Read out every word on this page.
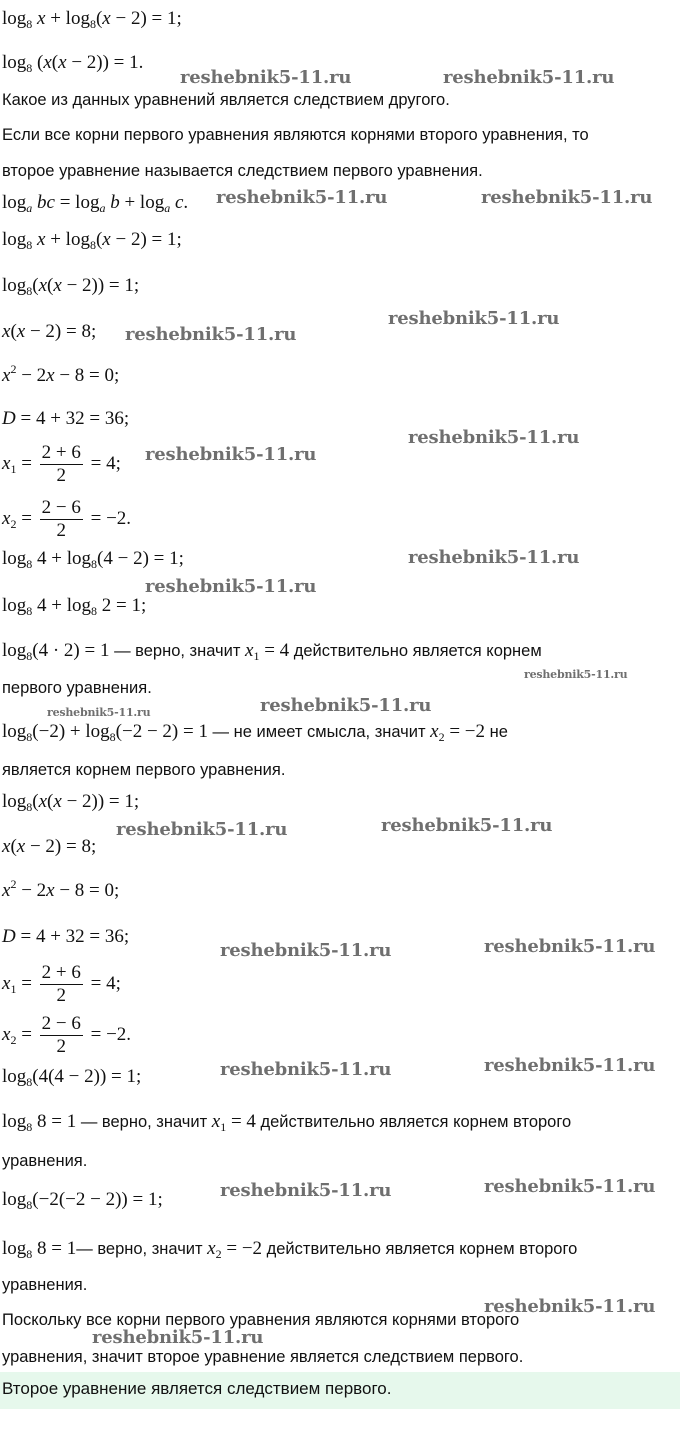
$\log_8 x + \log_8(x - 2) = 1$;
$\log_8 (x(x - 2)) = 1$.
Какое из данных уравнений является следствием другого.
Если все корни первого уравнения являются корнями второго уравнения, то
второе уравнение называется следствием первого уравнения.
$\log_a$ bc = $\log_a b + \log_a c$.
$\log_8 x + \log_8(x - 2) = 1$;
$\log_8(x(x - 2)) = 1$;
x(x − 2) = 8;
$x^2 - 2x - 8 = 0$;
D = 4 + 32 = 36;
$x_1 = \frac{2 + 6}{2} = 4$;
$x_2 = \frac{2 - 6}{2} = -2$.
$\log_8 4 + \log_8(4 - 2) = 1$;
$\log_8 4 + \log_8 2 = 1$;
$\log_8(4 \cdot 2) = 1$ — верно, значит $x_1 = 4$ действительно является корнем
первого уравнения.
$\log_8(-2) + \log_8(-2 - 2) = 1$ — не имеет смысла, значит $x_2 = -2$ не
является корнем первого уравнения.
$\log_8(x(x - 2)) = 1$;
x(x − 2) = 8;
$x^2 - 2x - 8 = 0$;
D = 4 + 32 = 36;
$x_1 = \frac{2 + 6}{2} = 4$;
$x_2 = \frac{2 - 6}{2} = -2$.
$\log_8(4(4 - 2)) = 1$;
$\log_8 8 = 1$ — верно, значит $x_1 = 4$ действительно является корнем второго
уравнения.
$\log_8(-2(-2 - 2)) = 1$;
$\log_8 8$ = 1— верно, значит $x_2 = -2$ действительно является корнем второго
уравнения.
Поскольку все корни первого уравнения являются корнями второго
уравнения, значит второе уравнение является следствием первого.
Второе уравнение является следствием первого.
reshebnik5-11.ru	reshebnik5-11.ru
reshebnik5-11.ru	reshebnik5-11.ru
reshebnik5-11.ru
reshebnik5-11.ru
reshebnik5-11.ru
reshebnik5-11.ru
reshebnik5-11.ru
reshebnik5-11.ru
reshebnik5-11.ru
reshebnik5-11.ru
reshebnik5-11.ru
reshebnik5-11.ru
reshebnik5-11.ru
reshebnik5-11.ru
reshebnik5-11.ru
reshebnik5-11.ru
reshebnik5-11.ru
reshebnik5-11.ru
reshebnik5-11.ru
reshebnik5-11.ru
reshebnik5-11.ru
